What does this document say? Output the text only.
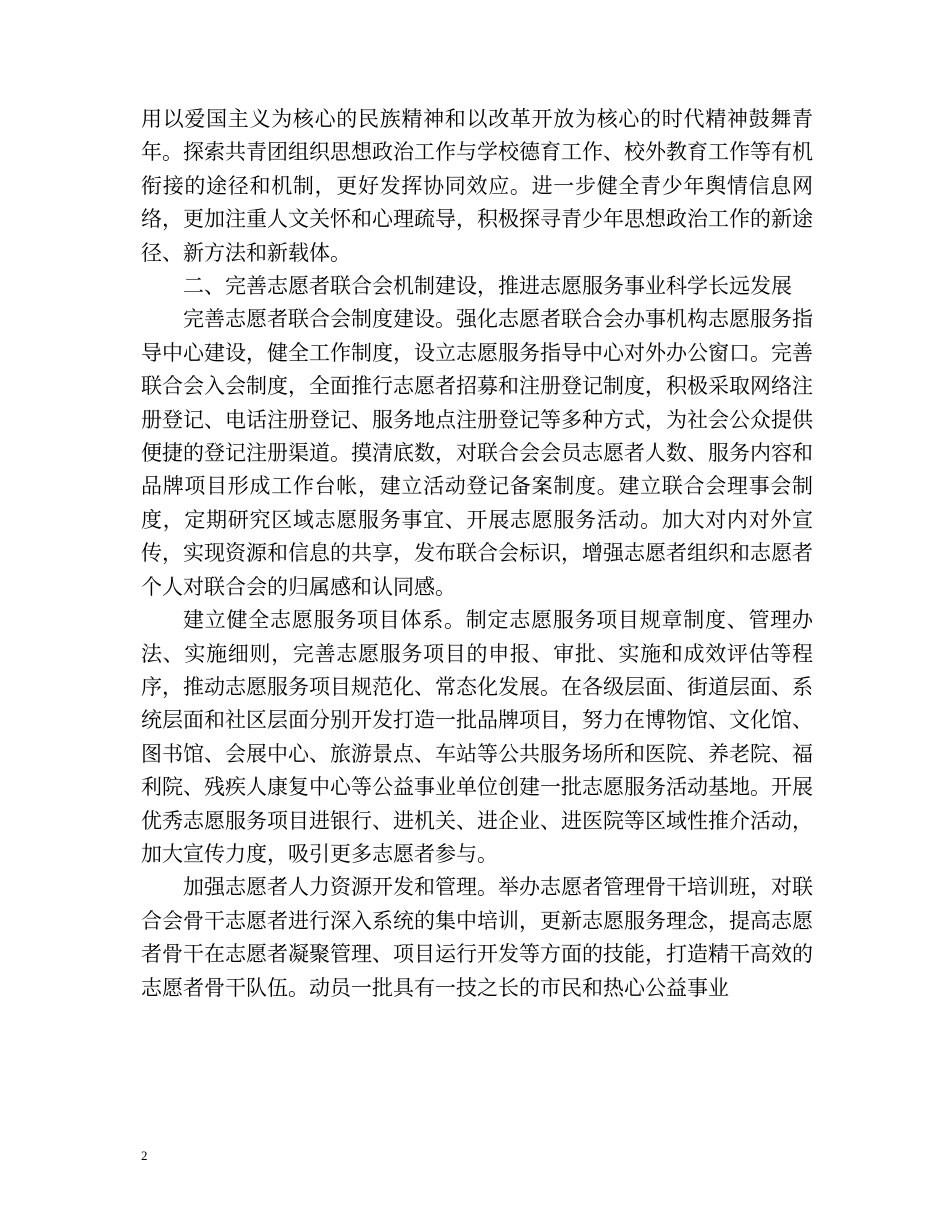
用以爱国主义为核心的民族精神和以改革开放为核心的时代精神鼓舞青年。探索共青团组织思想政治工作与学校德育工作、校外教育工作等有机衔接的途径和机制，更好发挥协同效应。进一步健全青少年舆情信息网络，更加注重人文关怀和心理疏导，积极探寻青少年思想政治工作的新途径、新方法和新载体。

二、完善志愿者联合会机制建设，推进志愿服务事业科学长远发展

完善志愿者联合会制度建设。强化志愿者联合会办事机构志愿服务指导中心建设，健全工作制度，设立志愿服务指导中心对外办公窗口。完善联合会入会制度，全面推行志愿者招募和注册登记制度，积极采取网络注册登记、电话注册登记、服务地点注册登记等多种方式，为社会公众提供便捷的登记注册渠道。摸清底数，对联合会会员志愿者人数、服务内容和品牌项目形成工作台帐，建立活动登记备案制度。建立联合会理事会制度，定期研究区域志愿服务事宜、开展志愿服务活动。加大对内对外宣传，实现资源和信息的共享，发布联合会标识，增强志愿者组织和志愿者个人对联合会的归属感和认同感。

建立健全志愿服务项目体系。制定志愿服务项目规章制度、管理办法、实施细则，完善志愿服务项目的申报、审批、实施和成效评估等程序，推动志愿服务项目规范化、常态化发展。在各级层面、街道层面、系统层面和社区层面分别开发打造一批品牌项目，努力在博物馆、文化馆、图书馆、会展中心、旅游景点、车站等公共服务场所和医院、养老院、福利院、残疾人康复中心等公益事业单位创建一批志愿服务活动基地。开展优秀志愿服务项目进银行、进机关、进企业、进医院等区域性推介活动，加大宣传力度，吸引更多志愿者参与。

加强志愿者人力资源开发和管理。举办志愿者管理骨干培训班，对联合会骨干志愿者进行深入系统的集中培训，更新志愿服务理念，提高志愿者骨干在志愿者凝聚管理、项目运行开发等方面的技能，打造精干高效的志愿者骨干队伍。动员一批具有一技之长的市民和热心公益事业

2
